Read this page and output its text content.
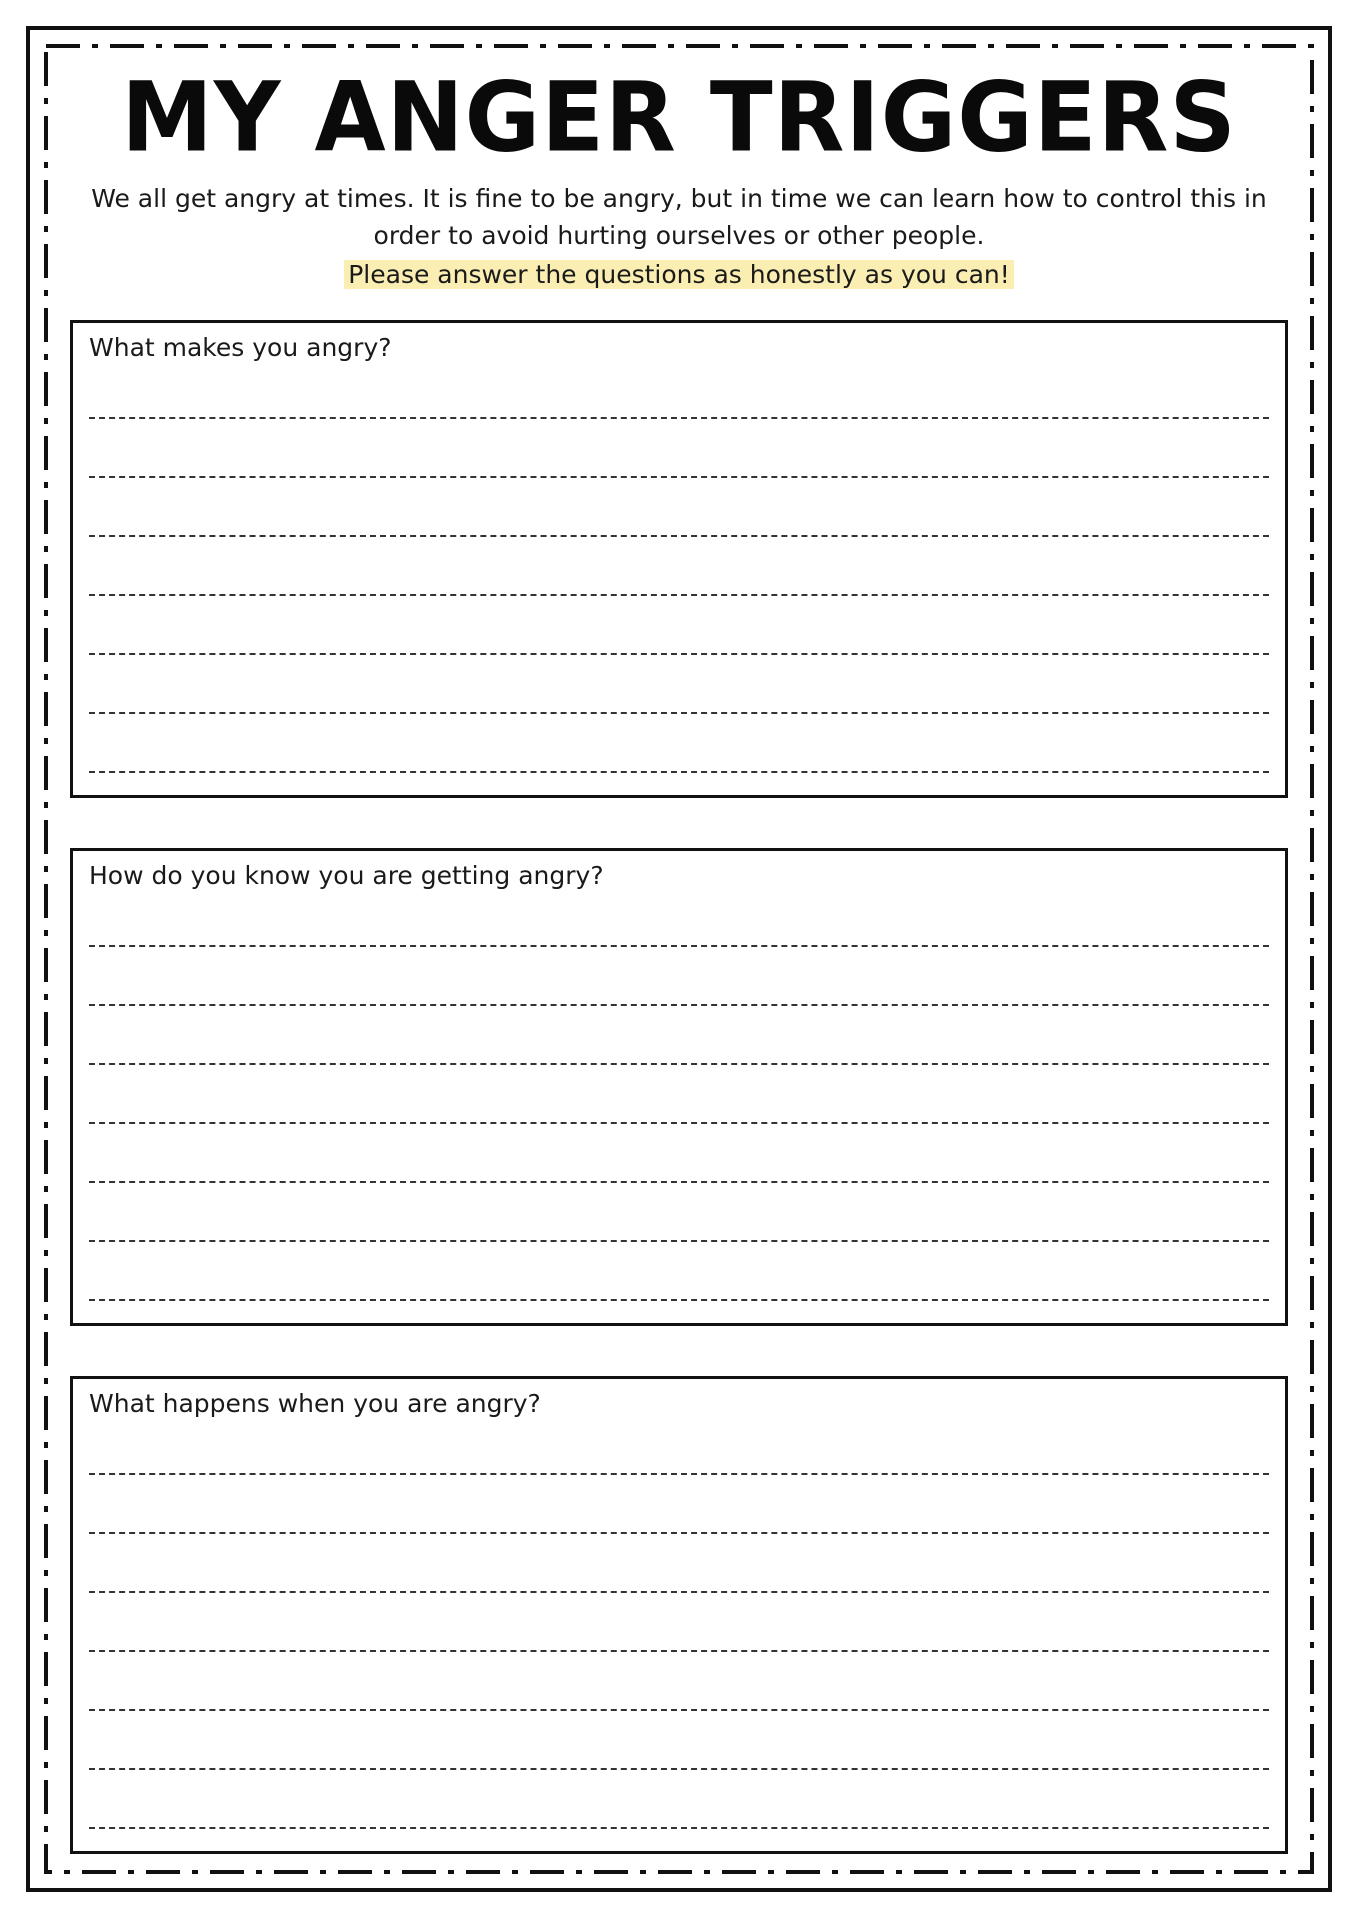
MY ANGER TRIGGERS
We all get angry at times. It is fine to be angry, but in time we can learn how to control this in order to avoid hurting ourselves or other people.
Please answer the questions as honestly as you can!
What makes you angry?
How do you know you are getting angry?
What happens when you are angry?
